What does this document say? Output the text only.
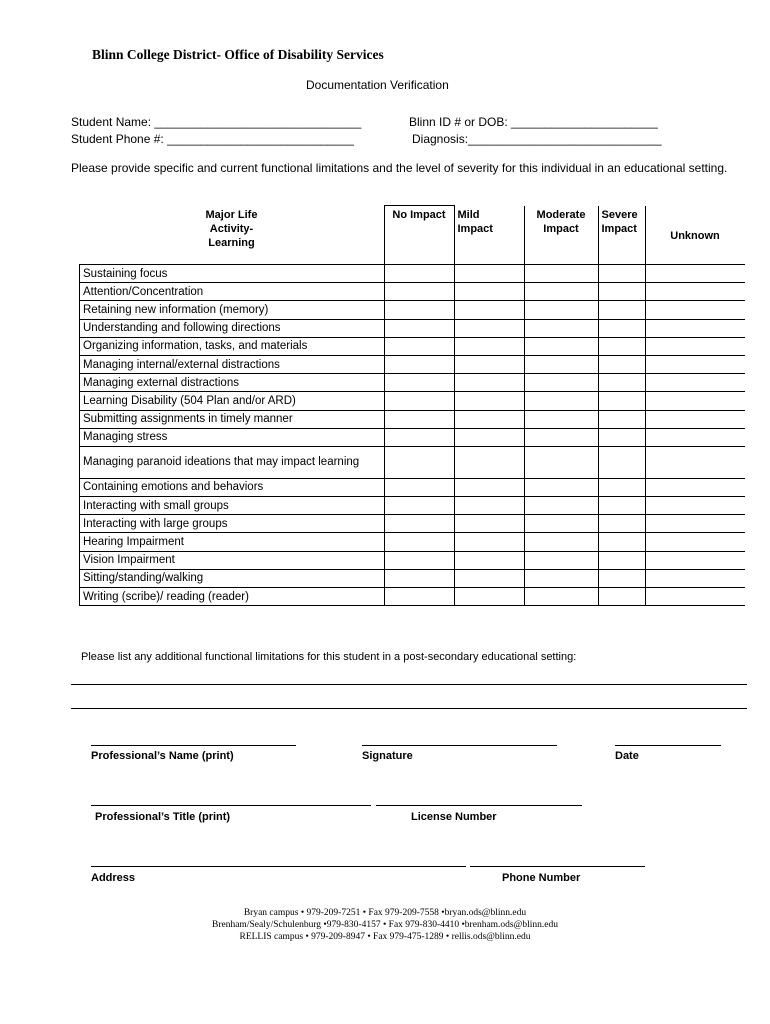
Blinn College District- Office of Disability Services
Documentation Verification
Student Name: _______________________________	Blinn ID # or DOB: ______________________
Student Phone #: ____________________________	Diagnosis:_____________________________
Please provide specific and current functional limitations and the level of severity for this individual in an educational setting.
Major Life Activity- Learning	No Impact	Mild Impact	Moderate Impact	Severe Impact	Unknown
Sustaining focus					
Attention/Concentration					
Retaining new information (memory)					
Understanding and following directions					
Organizing information, tasks, and materials					
Managing internal/external distractions					
Managing external distractions					
Learning Disability (504 Plan and/or ARD)					
Submitting assignments in timely manner					
Managing stress					
Managing paranoid ideations that may impact learning					
Containing emotions and behaviors					
Interacting with small groups					
Interacting with large groups					
Hearing Impairment					
Vision Impairment					
Sitting/standing/walking					
Writing (scribe)/ reading (reader)					
Please list any additional functional limitations for this student in a post-secondary educational setting:
Professional’s Name (print)	Signature	Date
Professional’s Title (print)	License Number
Address	Phone Number
Bryan campus • 979-209-7251 • Fax 979-209-7558 •bryan.ods@blinn.edu
Brenham/Sealy/Schulenburg •979-830-4157 • Fax 979-830-4410 •brenham.ods@blinn.edu
RELLIS campus • 979-209-8947 • Fax 979-475-1289 • rellis.ods@blinn.edu
